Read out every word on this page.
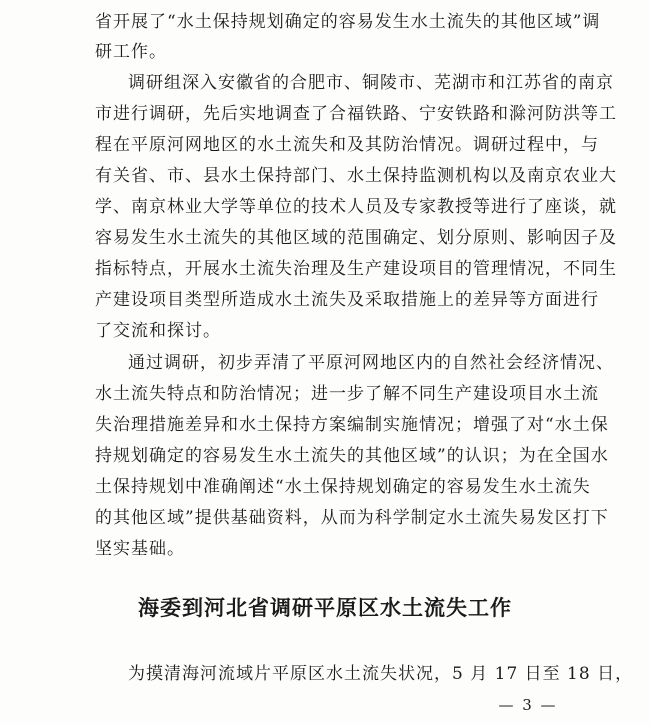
省开展了“水土保持规划确定的容易发生水土流失的其他区域”调
研工作。
调研组深入安徽省的合肥市、铜陵市、芜湖市和江苏省的南京
市进行调研，先后实地调查了合福铁路、宁安铁路和滁河防洪等工
程在平原河网地区的水土流失和及其防治情况。调研过程中，与
有关省、市、县水土保持部门、水土保持监测机构以及南京农业大
学、南京林业大学等单位的技术人员及专家教授等进行了座谈，就
容易发生水土流失的其他区域的范围确定、划分原则、影响因子及
指标特点，开展水土流失治理及生产建设项目的管理情况，不同生
产建设项目类型所造成水土流失及采取措施上的差异等方面进行
了交流和探讨。
通过调研，初步弄清了平原河网地区内的自然社会经济情况、
水土流失特点和防治情况；进一步了解不同生产建设项目水土流
失治理措施差异和水土保持方案编制实施情况；增强了对“水土保
持规划确定的容易发生水土流失的其他区域”的认识；为在全国水
土保持规划中准确阐述“水土保持规划确定的容易发生水土流失
的其他区域”提供基础资料，从而为科学制定水土流失易发区打下
坚实基础。
海委到河北省调研平原区水土流失工作
为摸清海河流域片平原区水土流失状况，5 月 17 日至 18 日，
— 3 —
